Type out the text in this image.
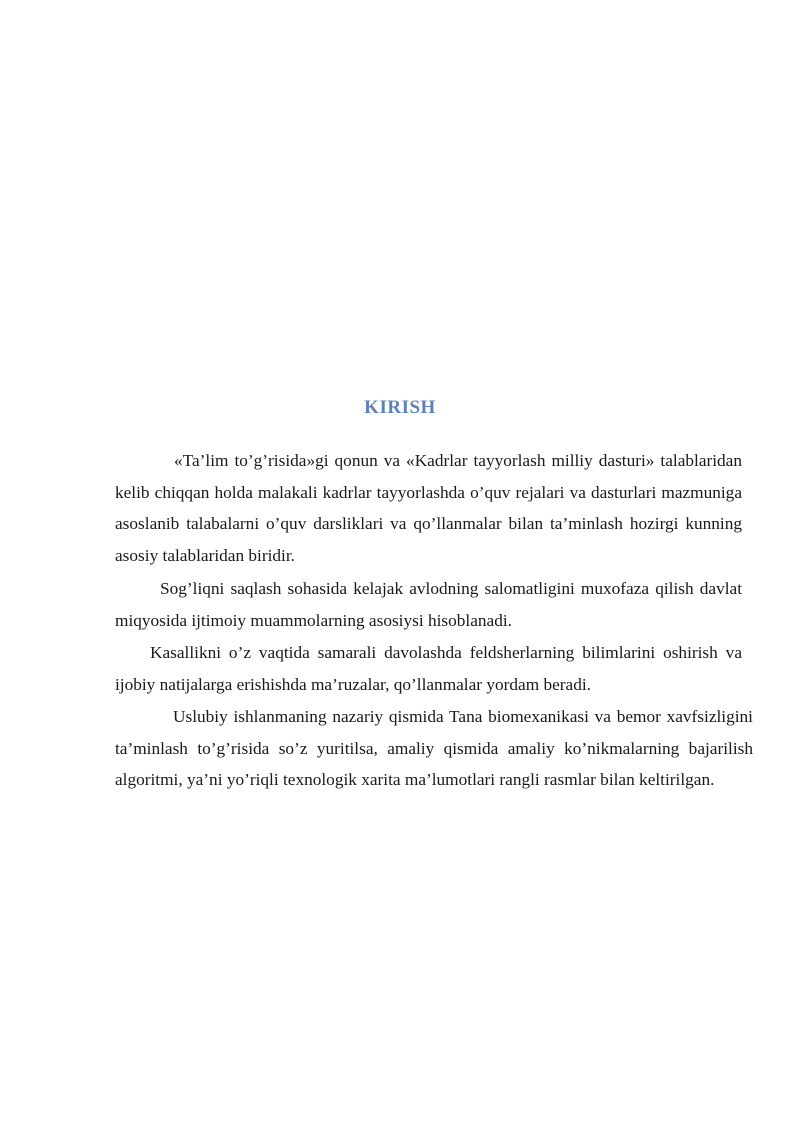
KIRISH

«Ta’lim to’g’risida»gi qonun va «Kadrlar tayyorlash milliy dasturi» talablaridan kelib chiqqan holda malakali kadrlar tayyorlashda o’quv rejalari va dasturlari mazmuniga asoslanib talabalarni o’quv darsliklari va qo’llanmalar bilan ta’minlash hozirgi kunning asosiy talablaridan biridir.

Sog’liqni saqlash sohasida kelajak avlodning salomatligini muxofaza qilish davlat miqyosida ijtimoiy muammolarning asosiysi hisoblanadi.

Kasallikni o’z vaqtida samarali davolashda feldsherlarning bilimlarini oshirish va ijobiy natijalarga erishishda ma’ruzalar, qo’llanmalar yordam beradi.

Uslubiy ishlanmaning nazariy qismida Tana biomexanikasi va bemor xavfsizligini ta’minlash to’g’risida so’z yuritilsa, amaliy qismida amaliy ko’nikmalarning bajarilish algoritmi, ya’ni yo’riqli texnologik xarita ma’lumotlari rangli rasmlar bilan keltirilgan.
